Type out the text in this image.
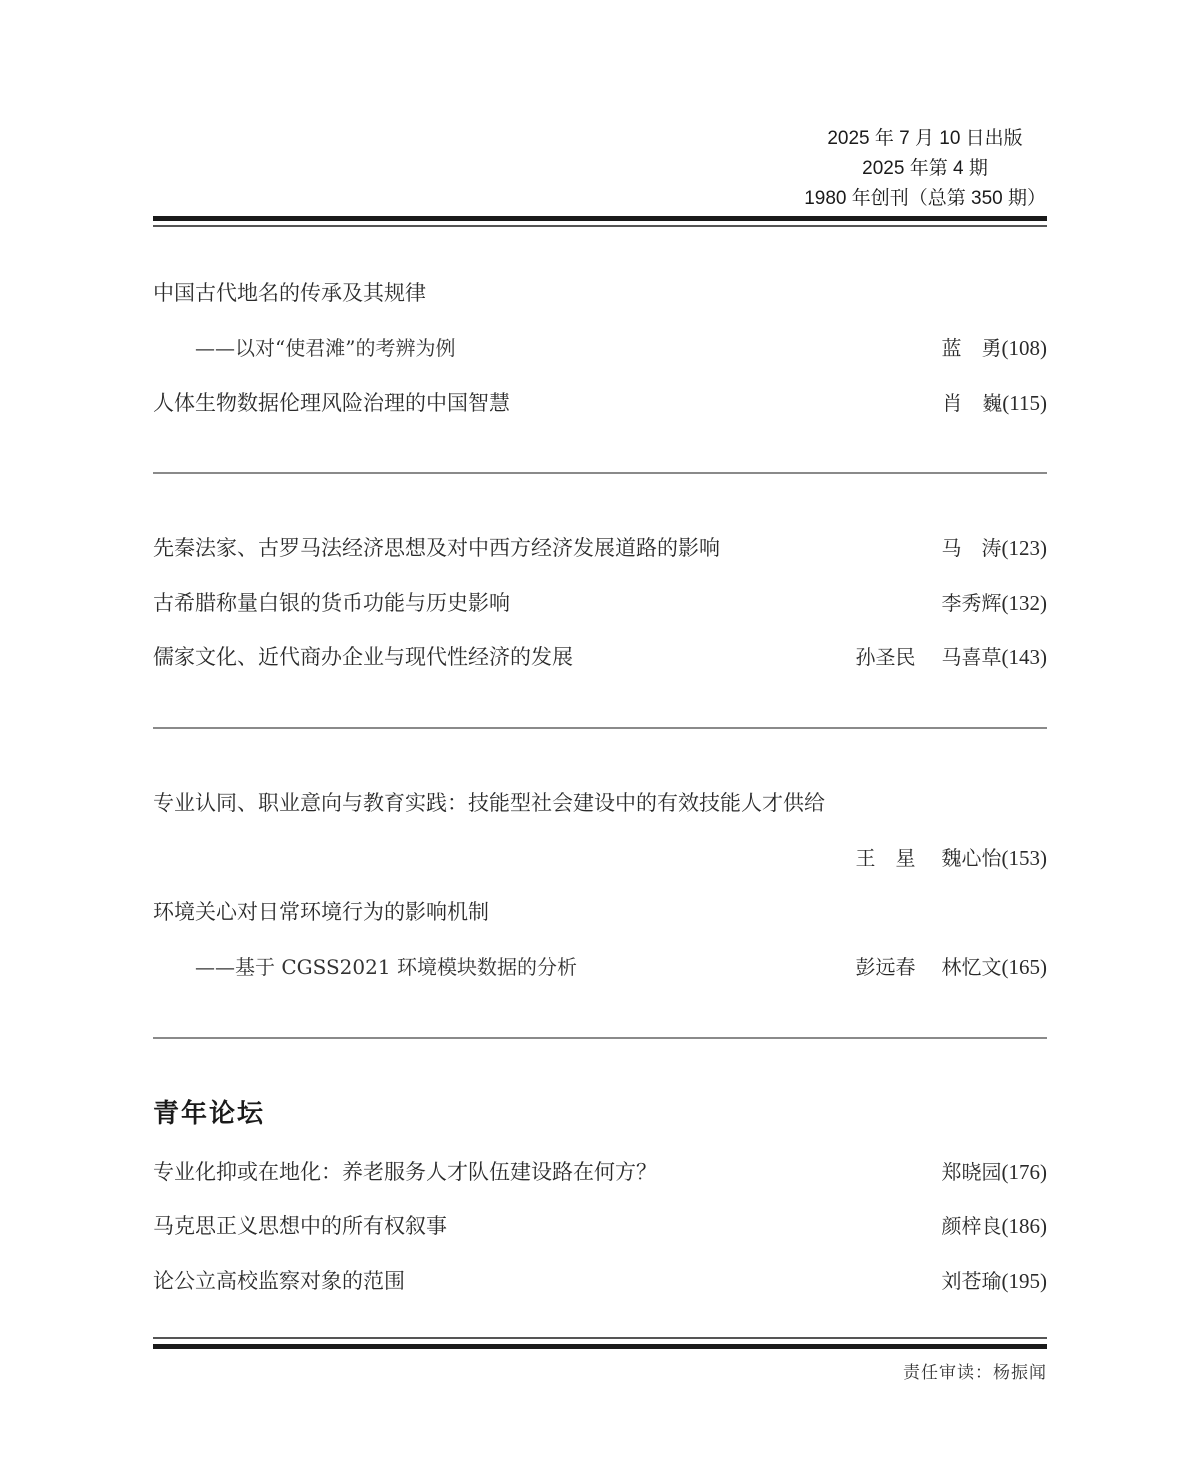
2025 年 7 月 10 日出版
2025 年第 4 期
1980 年创刊（总第 350 期）
中国古代地名的传承及其规律
——以对“使君滩”的考辨为例	蓝　勇(108)
人体生物数据伦理风险治理的中国智慧	肖　巍(115)
先秦法家、古罗马法经济思想及对中西方经济发展道路的影响	马　涛(123)
古希腊称量白银的货币功能与历史影响	李秀辉(132)
儒家文化、近代商办企业与现代性经济的发展	孙圣民 马喜草(143)
专业认同、职业意向与教育实践：技能型社会建设中的有效技能人才供给
王　星 魏心怡(153)
环境关心对日常环境行为的影响机制
——基于 CGSS2021 环境模块数据的分析	彭远春 林忆文(165)
青年论坛
专业化抑或在地化：养老服务人才队伍建设路在何方？	郑晓园(176)
马克思正义思想中的所有权叙事	颜梓良(186)
论公立高校监察对象的范围	刘苍瑜(195)
责任审读：杨振闻
